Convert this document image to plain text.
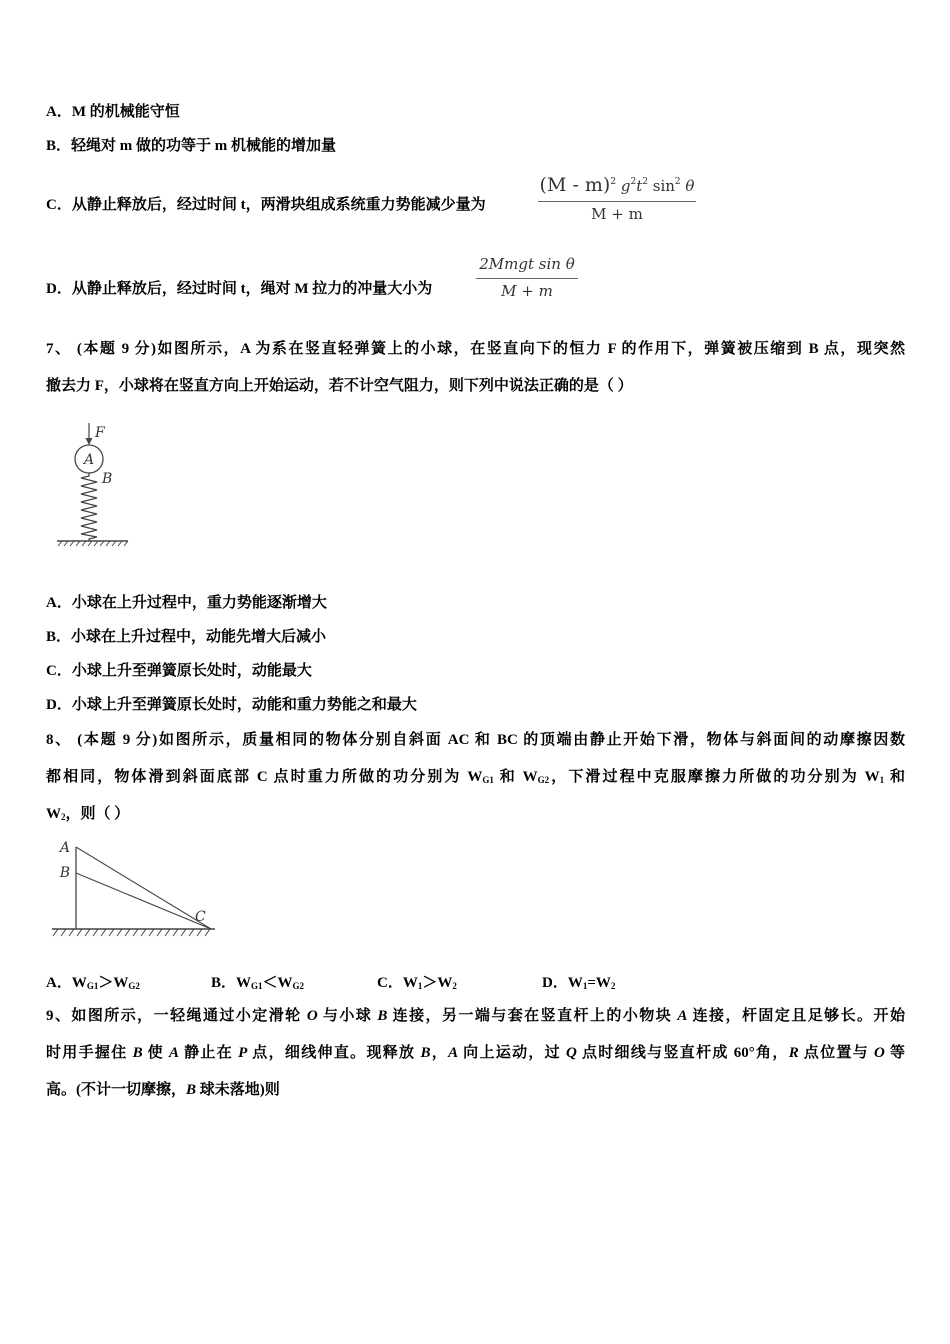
A．M 的机械能守恒
B．轻绳对 m 做的功等于 m 机械能的增加量
C．从静止释放后，经过时间 t，两滑块组成系统重力势能减少量为
(M - m)$^2$ $g^2t^2$ $\sin^2 \theta$
M + m
D．从静止释放后，经过时间 t，绳对 M 拉力的冲量大小为
2Mmgt sin θ
M + m
7、 (本题 9 分)如图所示，A 为系在竖直轻弹簧上的小球，在竖直向下的恒力 F 的作用下，弹簧被压缩到 B 点，现突然
撤去力 F，小球将在竖直方向上开始运动，若不计空气阻力，则下列中说法正确的是（ ）
F
A
B
A．小球在上升过程中，重力势能逐渐增大
B．小球在上升过程中，动能先增大后减小
C．小球上升至弹簧原长处时，动能最大
D．小球上升至弹簧原长处时，动能和重力势能之和最大
8、 (本题 9 分)如图所示，质量相同的物体分别自斜面 AC 和 BC 的顶端由静止开始下滑，物体与斜面间的动摩擦因数
都相同，物体滑到斜面底部 C 点时重力所做的功分别为 $W_{G1}$ 和 $W_{G2}$，下滑过程中克服摩擦力所做的功分别为 $W_1$ 和
$W_2$，则（ ）
A
B
C
A．$W_{G1}>W_{G2}$	B．$W_{G1}<W_{G2}$	C．$W_1>W_2$	D．$W_1=W_2$
9、如图所示，一轻绳通过小定滑轮 O 与小球 B 连接，另一端与套在竖直杆上的小物块 A 连接，杆固定且足够长。开始
时用手握住 B 使 A 静止在 P 点，细线伸直。现释放 B，A 向上运动，过 Q 点时细线与竖直杆成 60°角，R 点位置与 O 等
高。(不计一切摩擦，B 球未落地)则
